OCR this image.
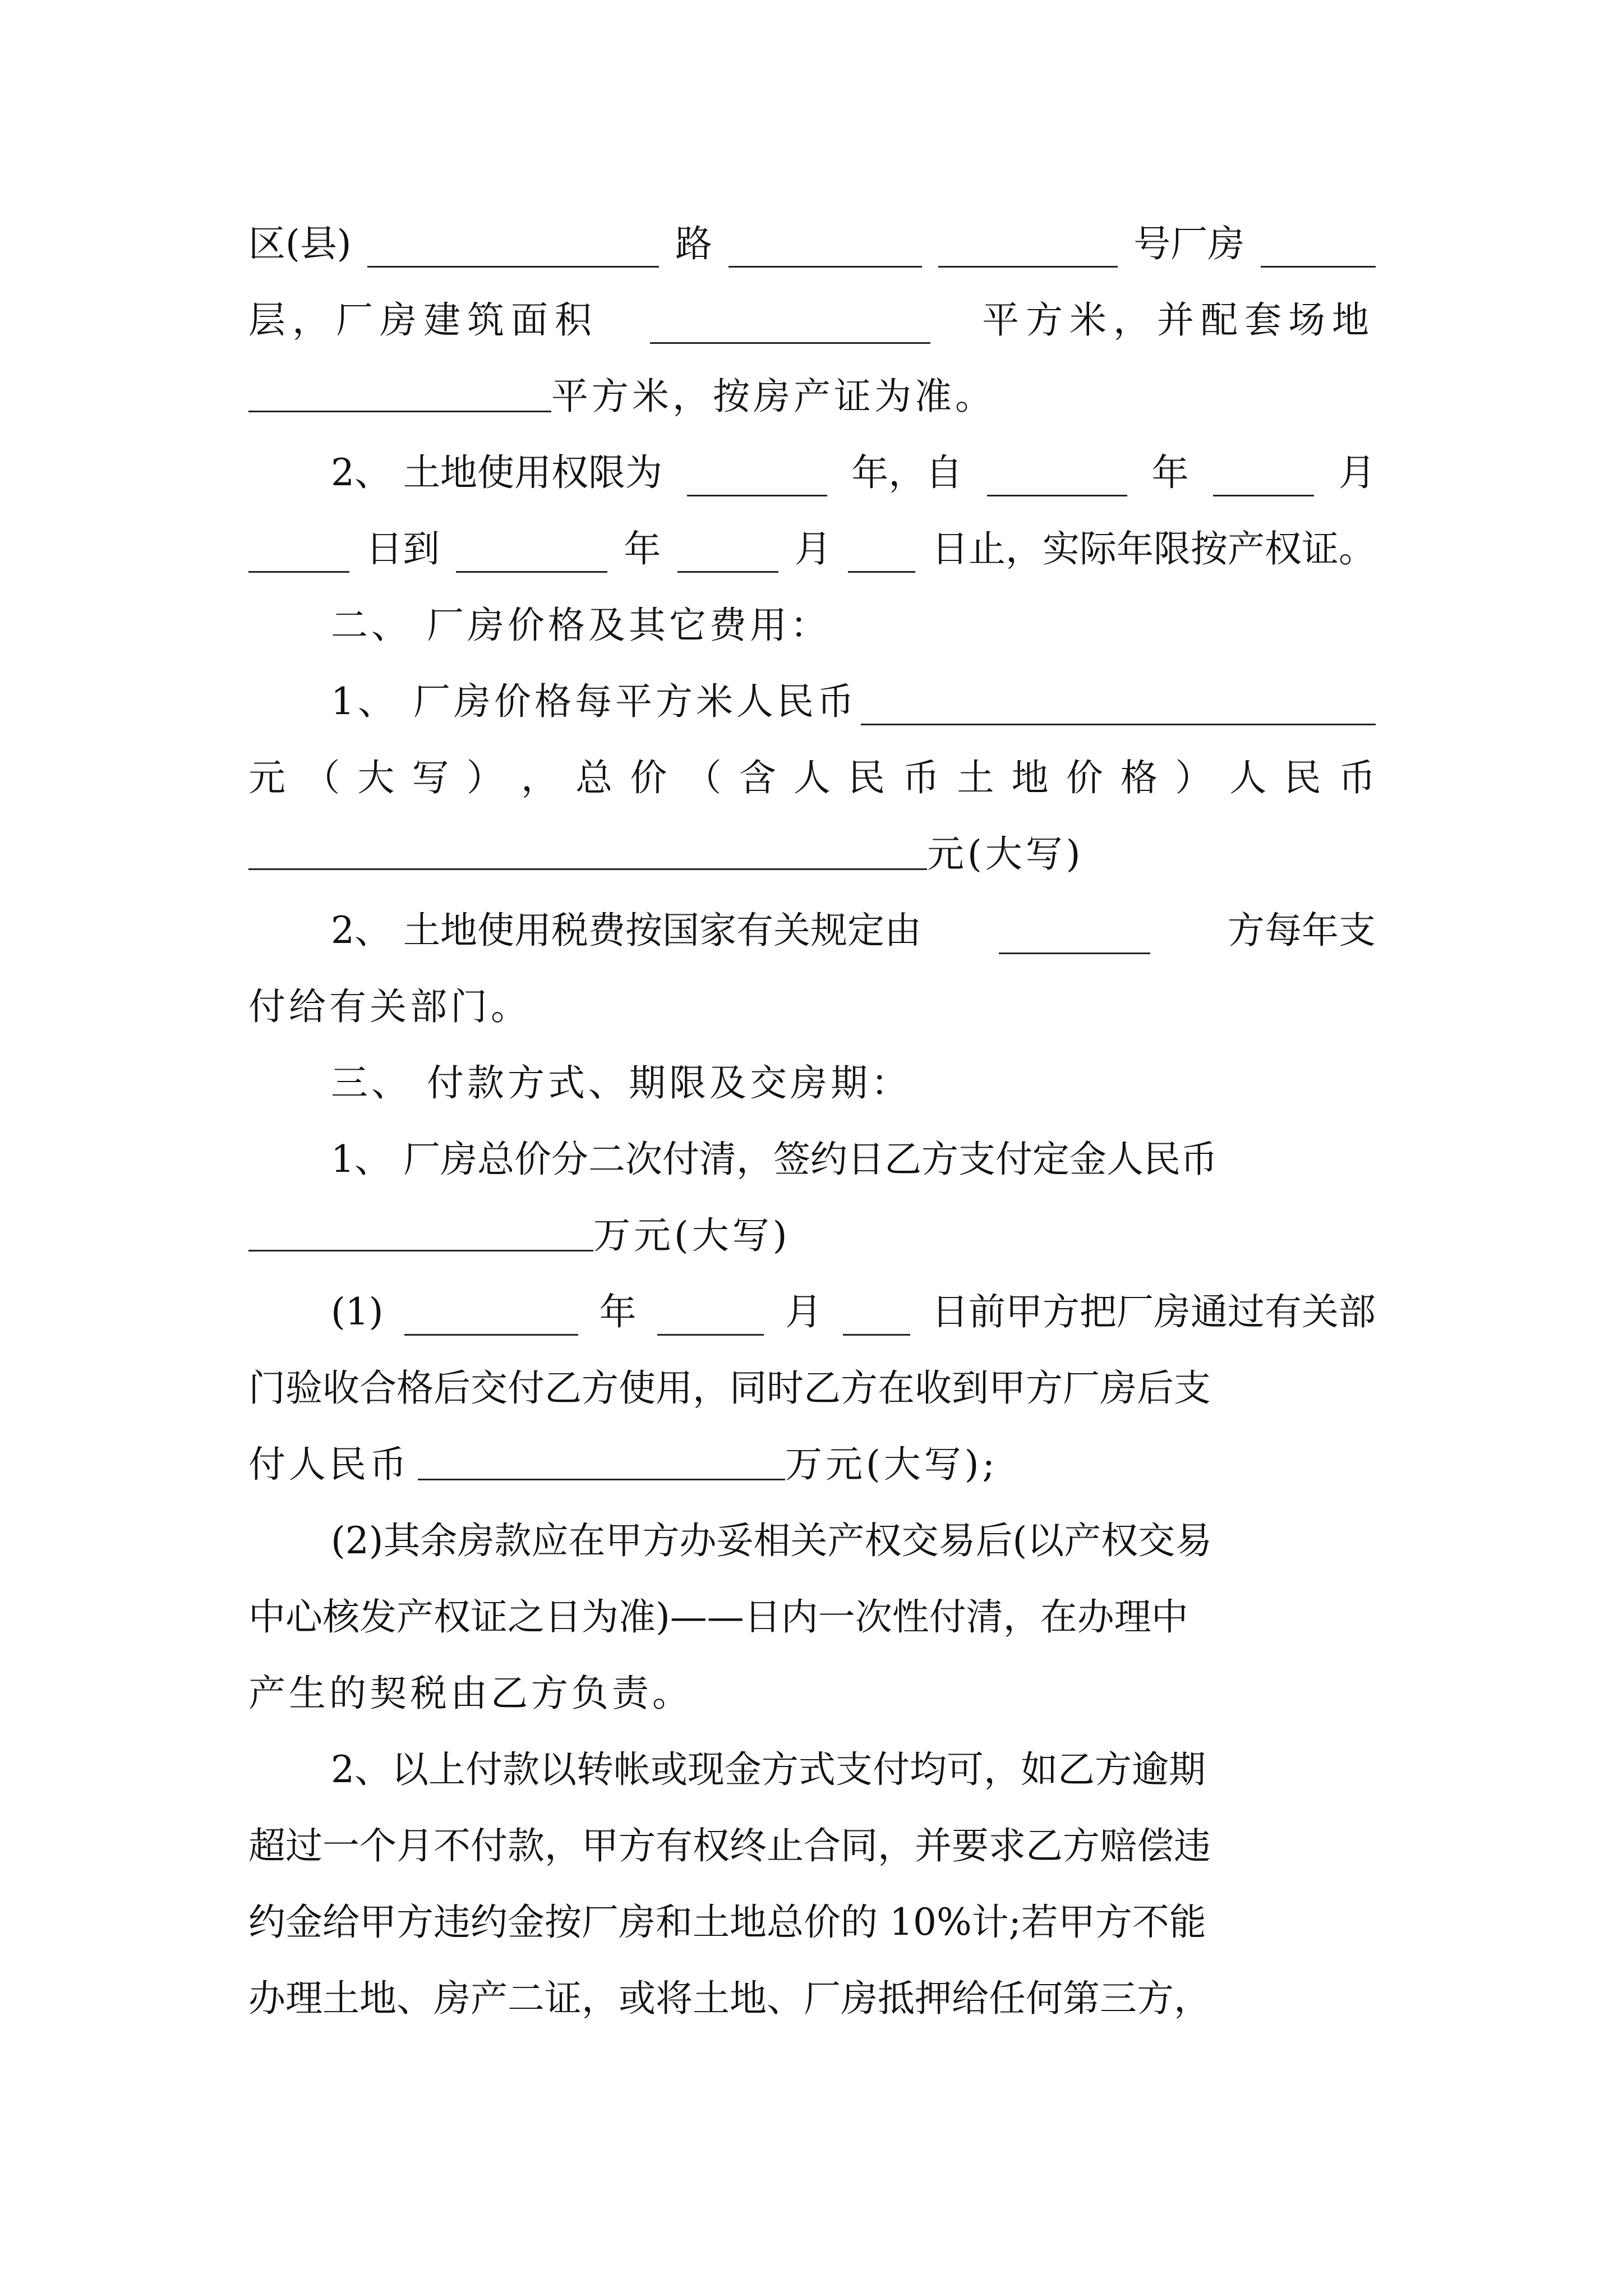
区(县)	路	号厂房
层，厂房建筑面积	平方米，并配套场地
平方米，按房产证为准。
2、 土地使用权限为	年，自	年	月
日到	年	月	日止，实际年限按产权证。
二、 厂房价格及其它费用：
1、 厂房价格每平方米人民币
元 （ 大 写 ） ， 总 价 （ 含 人 民 币 土 地 价 格 ） 人 民 币
元(大写)
2、 土地使用税费按国家有关规定由	方每年支
付给有关部门。
三、 付款方式、期限及交房期：
1、 厂房总价分二次付清，签约日乙方支付定金人民币
万元(大写)
(1)	年	月	日前甲方把厂房通过有关部
门验收合格后交付乙方使用，同时乙方在收到甲方厂房后支
付人民币	万元(大写);
(2)其余房款应在甲方办妥相关产权交易后(以产权交易
中心核发产权证之日为准)——日内一次性付清，在办理中
产生的契税由乙方负责。
2、以上付款以转帐或现金方式支付均可，如乙方逾期
超过一个月不付款，甲方有权终止合同，并要求乙方赔偿违
约金给甲方违约金按厂房和土地总价的 10%计;若甲方不能
办理土地、房产二证，或将土地、厂房抵押给任何第三方，
